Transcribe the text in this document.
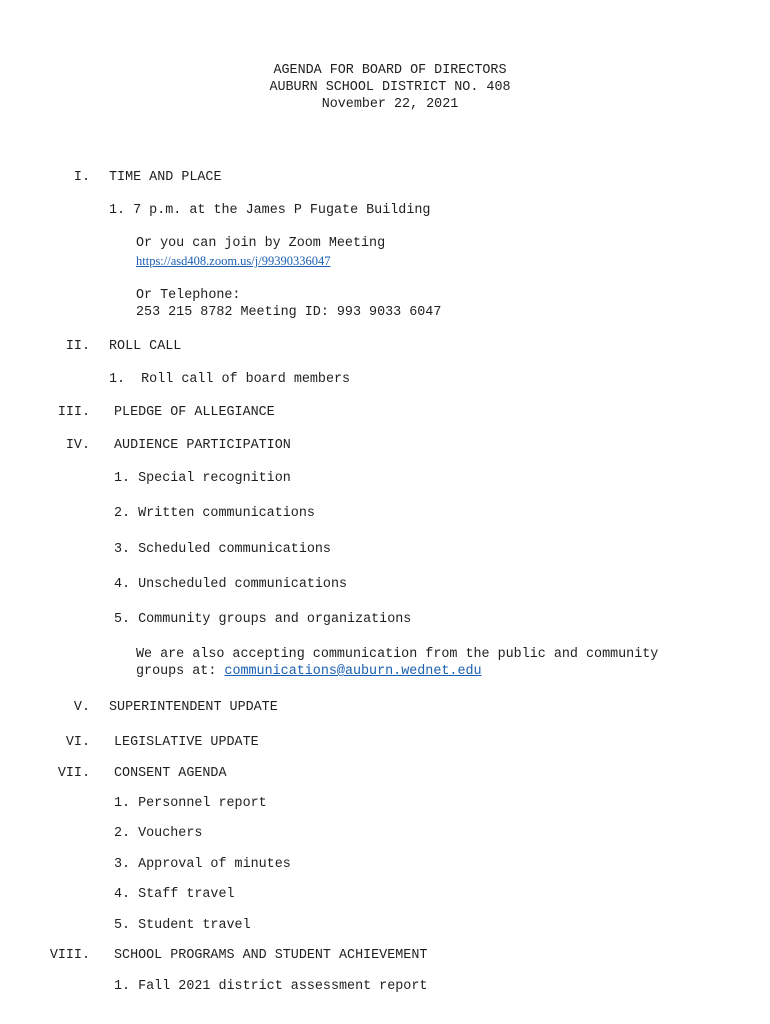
AGENDA FOR BOARD OF DIRECTORS
AUBURN SCHOOL DISTRICT NO. 408
November 22, 2021
I. TIME AND PLACE
1. 7 p.m. at the James P Fugate Building
Or you can join by Zoom Meeting
https://asd408.zoom.us/j/99390336047
Or Telephone:
253 215 8782 Meeting ID: 993 9033 6047
II. ROLL CALL
1.  Roll call of board members
III. PLEDGE OF ALLEGIANCE
IV. AUDIENCE PARTICIPATION
1. Special recognition
2. Written communications
3. Scheduled communications
4. Unscheduled communications
5. Community groups and organizations
We are also accepting communication from the public and community
groups at: communications@auburn.wednet.edu
V. SUPERINTENDENT UPDATE
VI. LEGISLATIVE UPDATE
VII. CONSENT AGENDA
1. Personnel report
2. Vouchers
3. Approval of minutes
4. Staff travel
5. Student travel
VIII. SCHOOL PROGRAMS AND STUDENT ACHIEVEMENT
1. Fall 2021 district assessment report
